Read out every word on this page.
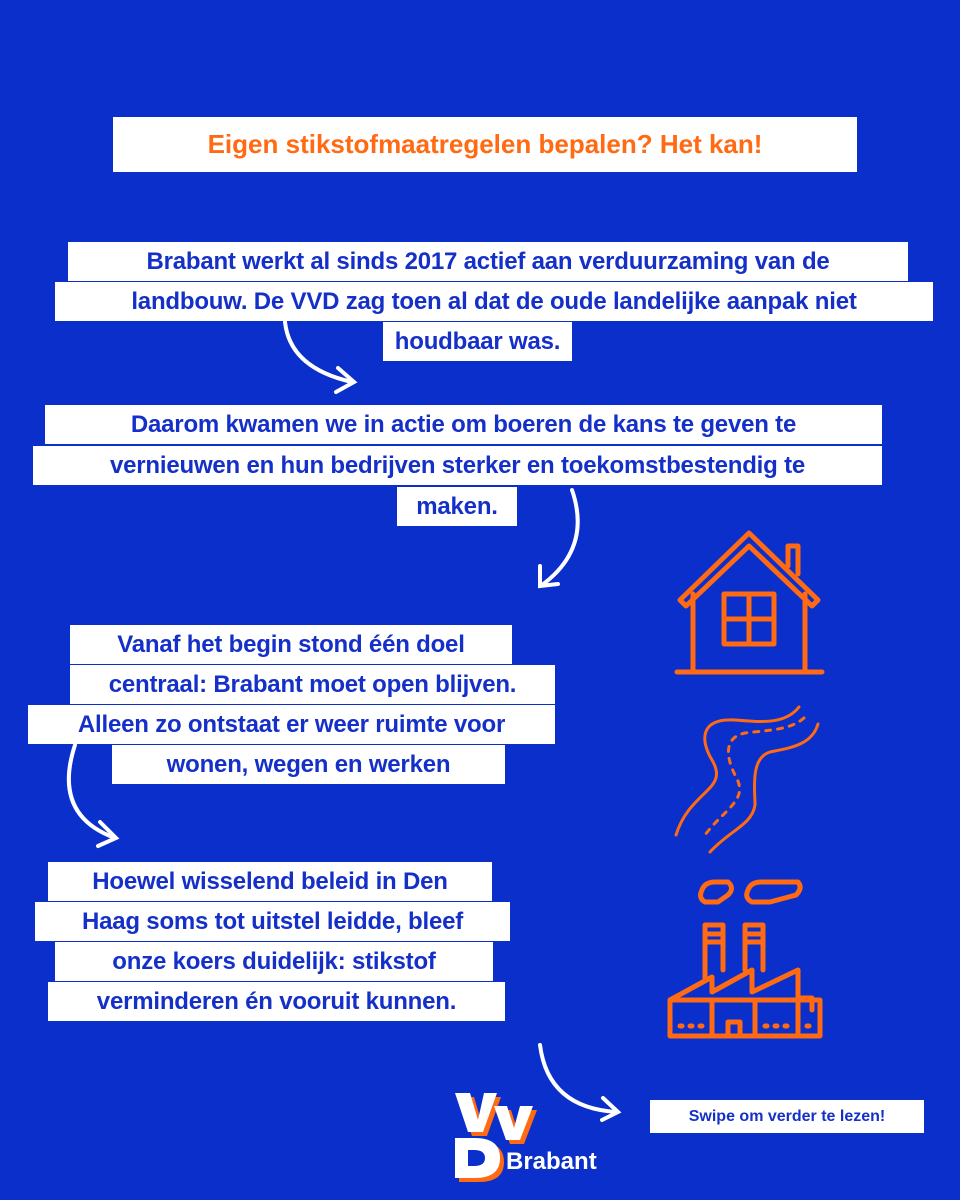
Eigen stikstofmaatregelen bepalen? Het kan!
Brabant werkt al sinds 2017 actief aan verduurzaming van de
landbouw. De VVD zag toen al dat de oude landelijke aanpak niet
houdbaar was.
Daarom kwamen we in actie om boeren de kans te geven te
vernieuwen en hun bedrijven sterker en toekomstbestendig te
maken.
Vanaf het begin stond één doel
centraal: Brabant moet open blijven.
Alleen zo ontstaat er weer ruimte voor
wonen, wegen en werken
Hoewel wisselend beleid in Den
Haag soms tot uitstel leidde, bleef
onze koers duidelijk: stikstof
verminderen én vooruit kunnen.
Swipe om verder te lezen!
Brabant
